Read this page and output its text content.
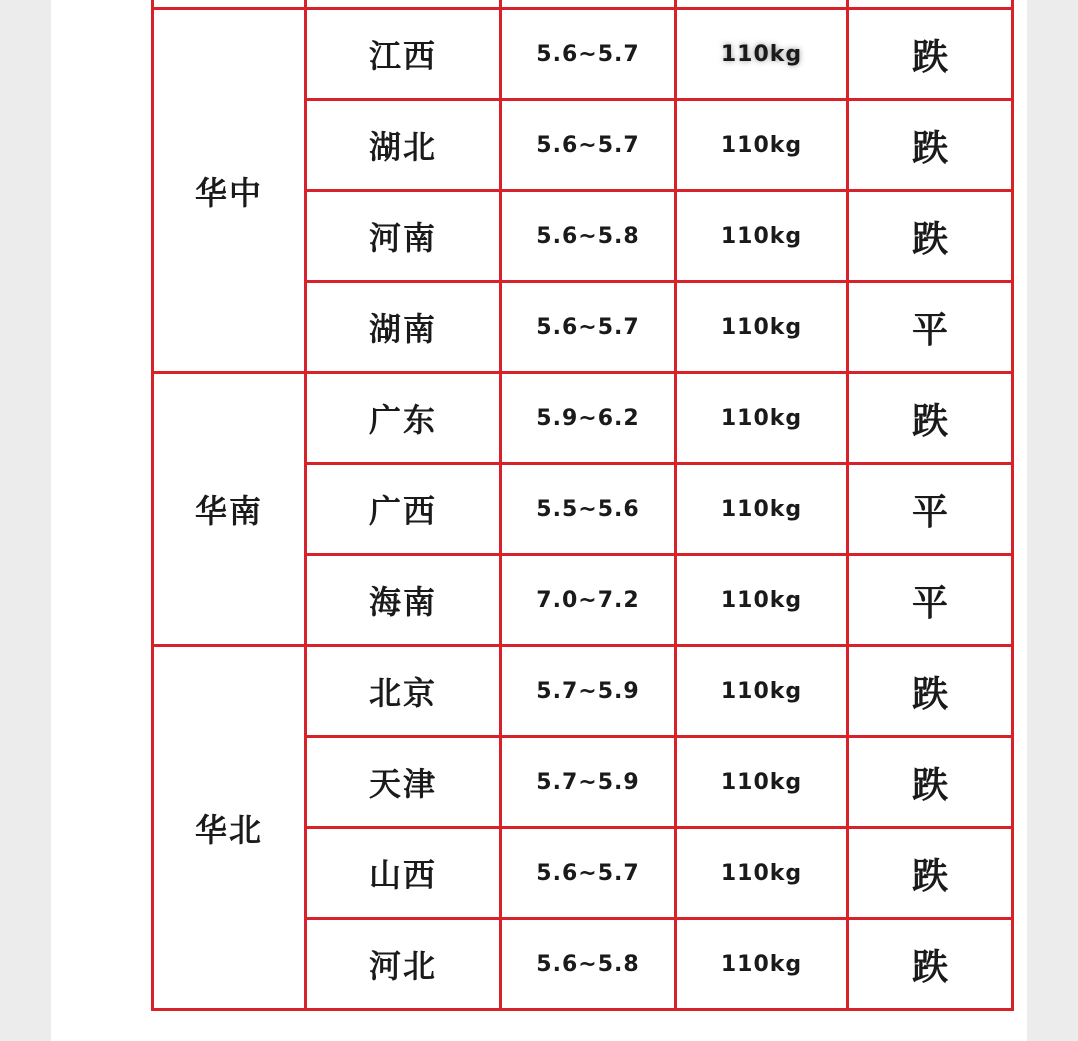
华中	江西	5.6~5.7	110kg	跌
	湖北	5.6~5.7	110kg	跌
	河南	5.6~5.8	110kg	跌
	湖南	5.6~5.7	110kg	平
华南	广东	5.9~6.2	110kg	跌
	广西	5.5~5.6	110kg	平
	海南	7.0~7.2	110kg	平
华北	北京	5.7~5.9	110kg	跌
	天津	5.7~5.9	110kg	跌
	山西	5.6~5.7	110kg	跌
	河北	5.6~5.8	110kg	跌
